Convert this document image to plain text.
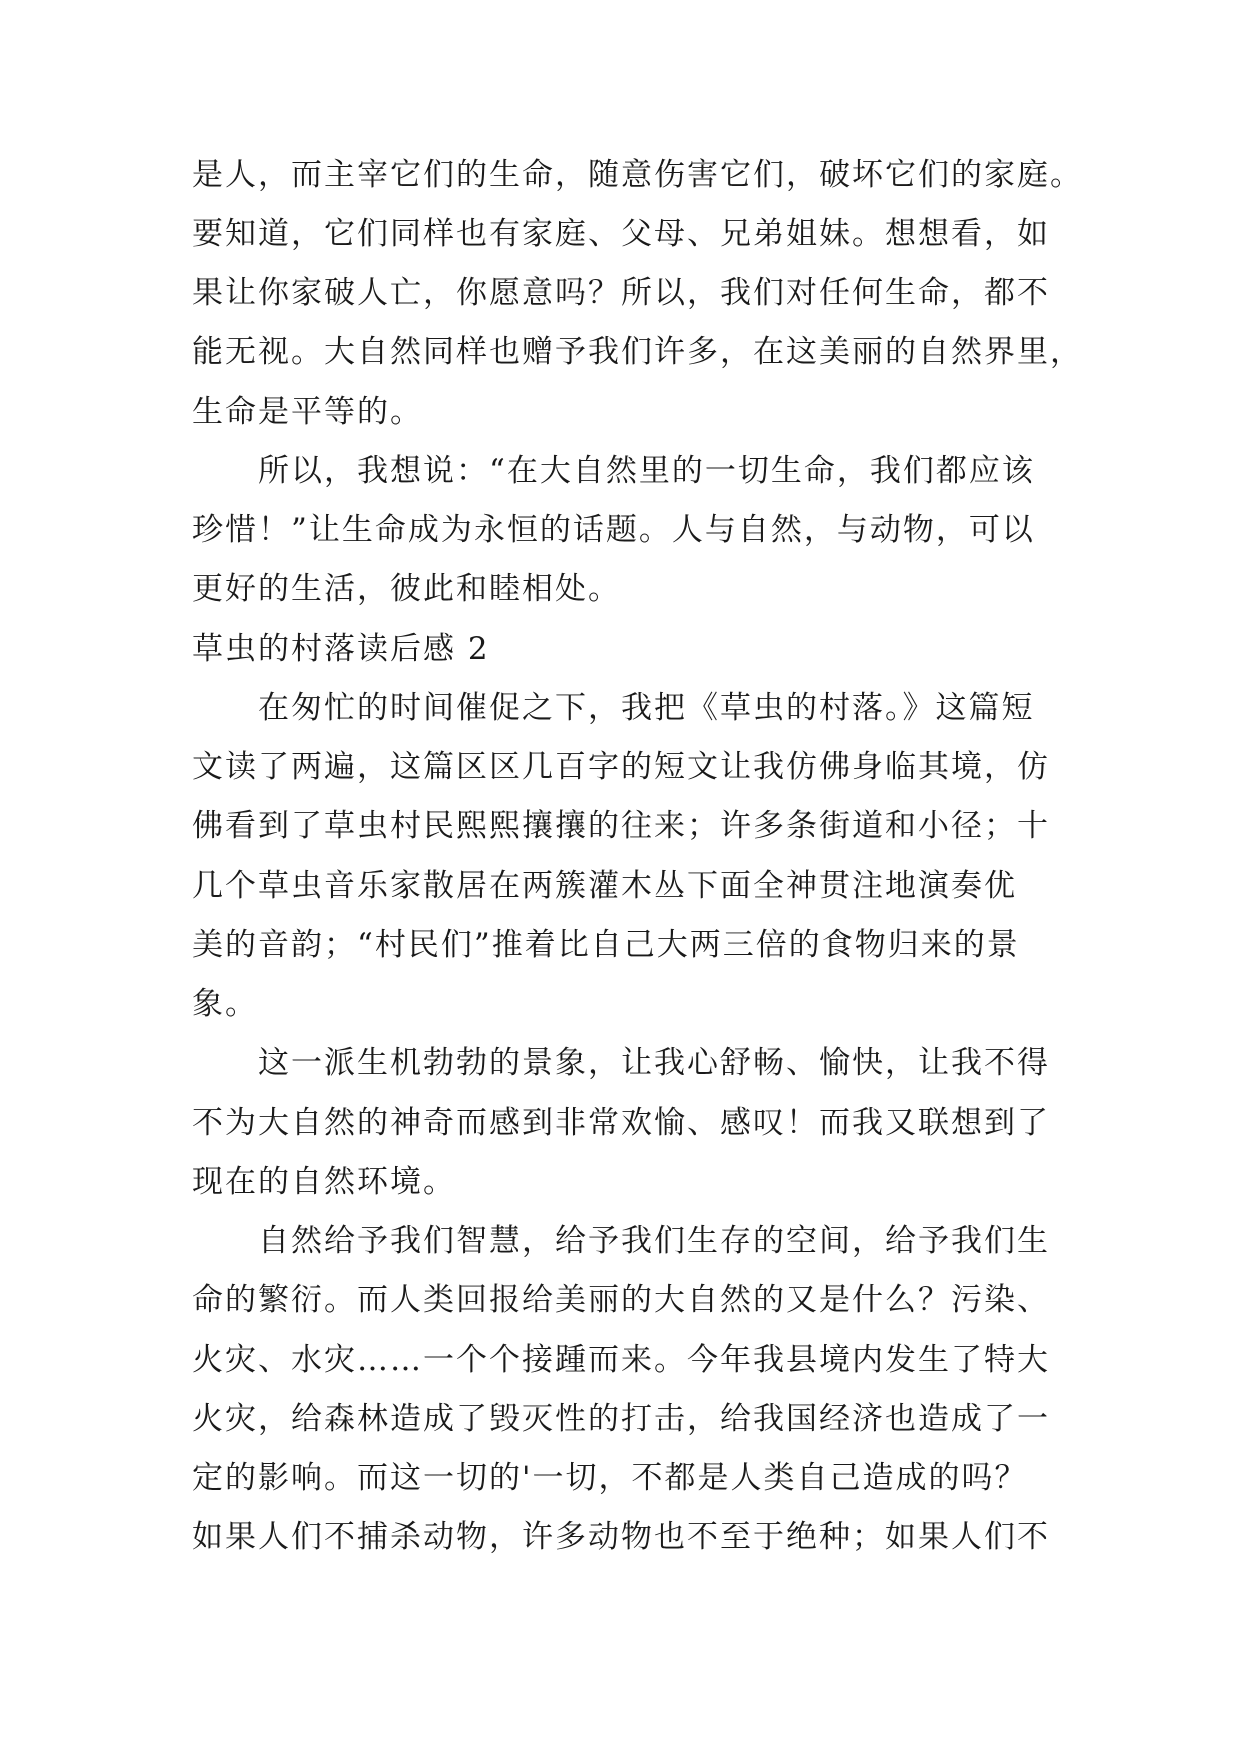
是人，而主宰它们的生命，随意伤害它们，破坏它们的家庭。
要知道，它们同样也有家庭、父母、兄弟姐妹。想想看，如
果让你家破人亡，你愿意吗？所以，我们对任何生命，都不
能无视。大自然同样也赠予我们许多，在这美丽的自然界里，
生命是平等的。
所以，我想说：“在大自然里的一切生命，我们都应该
珍惜！”让生命成为永恒的话题。人与自然，与动物，可以
更好的生活，彼此和睦相处。
草虫的村落读后感 2
在匆忙的时间催促之下，我把《草虫的村落。》这篇短
文读了两遍，这篇区区几百字的短文让我仿佛身临其境，仿
佛看到了草虫村民熙熙攘攘的往来；许多条街道和小径；十
几个草虫音乐家散居在两簇灌木丛下面全神贯注地演奏优
美的音韵；“村民们”推着比自己大两三倍的食物归来的景
象。
这一派生机勃勃的景象，让我心舒畅、愉快，让我不得
不为大自然的神奇而感到非常欢愉、感叹！而我又联想到了
现在的自然环境。
自然给予我们智慧，给予我们生存的空间，给予我们生
命的繁衍。而人类回报给美丽的大自然的又是什么？污染、
火灾、水灾……一个个接踵而来。今年我县境内发生了特大
火灾，给森林造成了毁灭性的打击，给我国经济也造成了一
定的影响。而这一切的'一切，不都是人类自己造成的吗？
如果人们不捕杀动物，许多动物也不至于绝种；如果人们不
